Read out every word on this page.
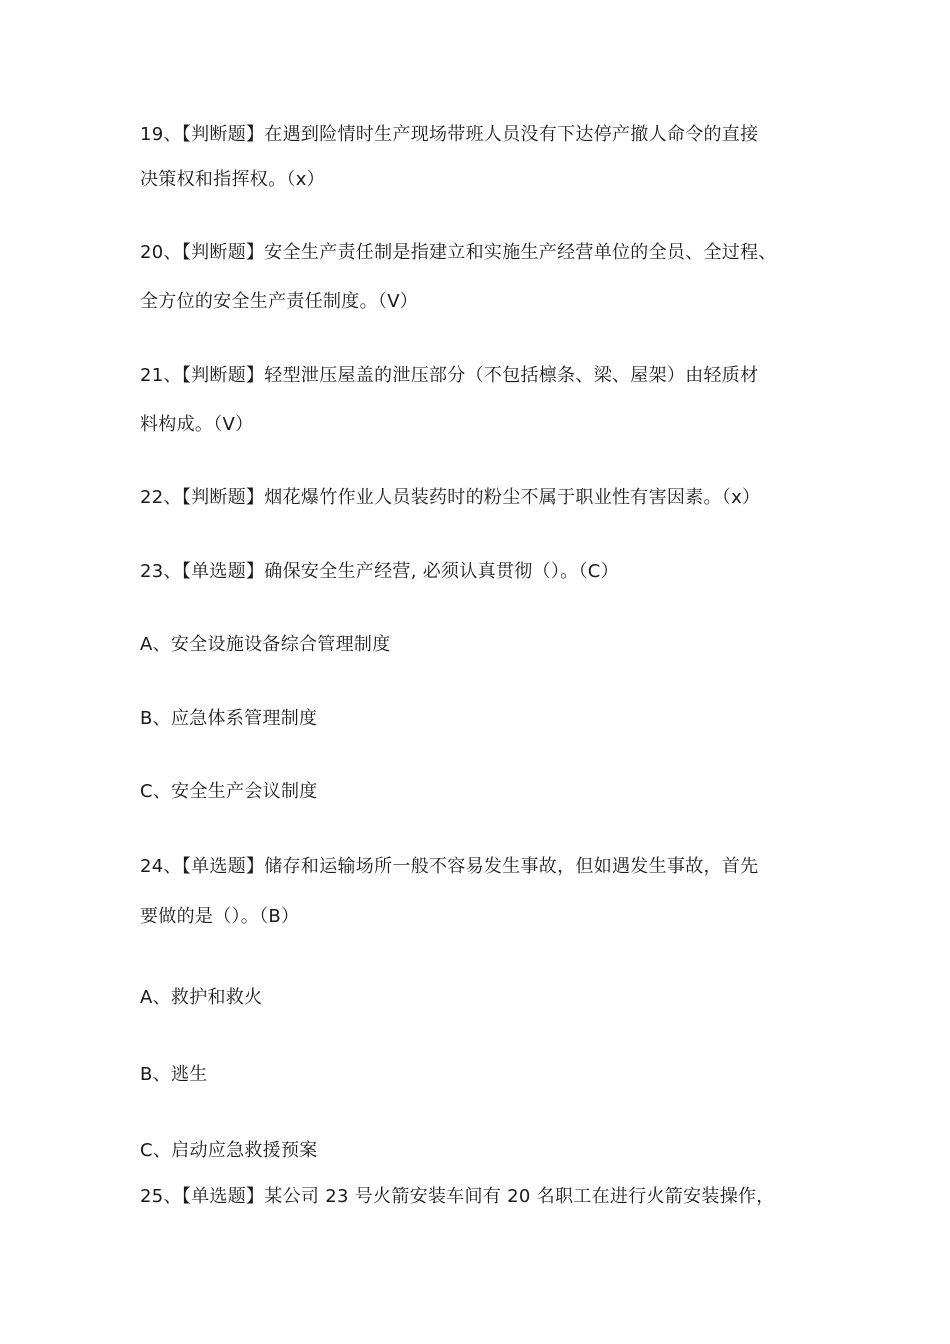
19、【判断题】在遇到险情时生产现场带班人员没有下达停产撤人命令的直接
决策权和指挥权。（x）
20、【判断题】安全生产责任制是指建立和实施生产经营单位的全员、全过程、
全方位的安全生产责任制度。（V）
21、【判断题】轻型泄压屋盖的泄压部分（不包括檩条、梁、屋架）由轻质材
料构成。（V）
22、【判断题】烟花爆竹作业人员装药时的粉尘不属于职业性有害因素。（x）
23、【单选题】确保安全生产经营, 必须认真贯彻（）。（C）
A、安全设施设备综合管理制度
B、应急体系管理制度
C、安全生产会议制度
24、【单选题】储存和运输场所一般不容易发生事故，但如遇发生事故，首先
要做的是（）。（B）
A、救护和救火
B、逃生
C、启动应急救援预案
25、【单选题】某公司 23 号火箭安装车间有 20 名职工在进行火箭安装操作，
